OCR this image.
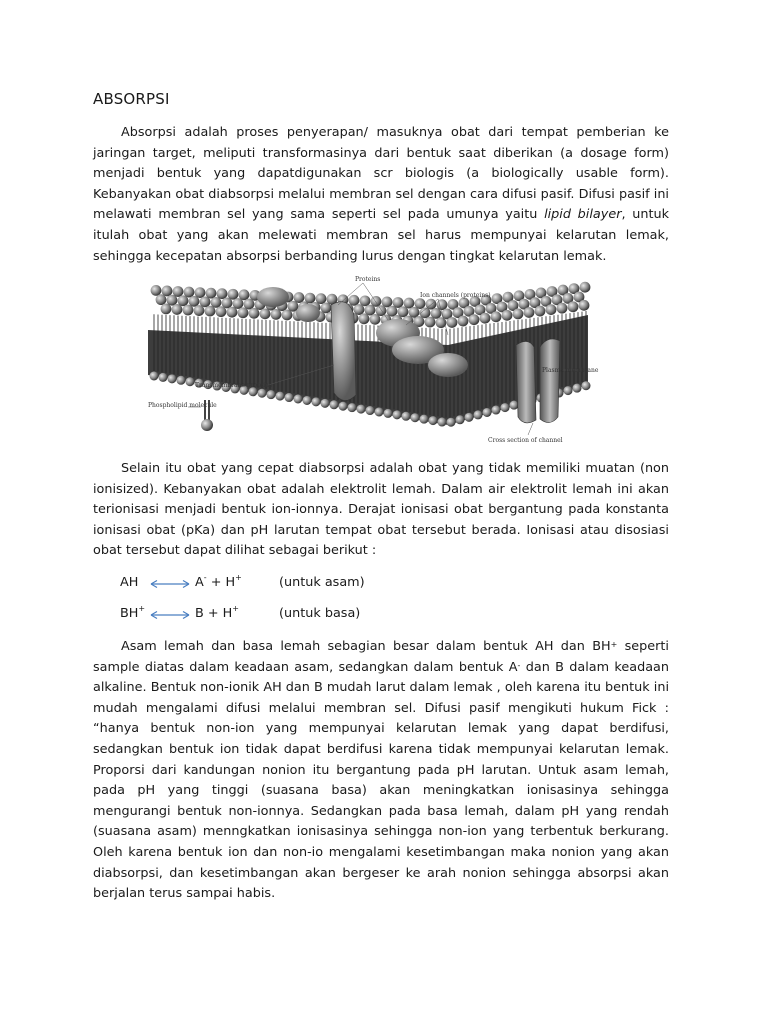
ABSORPSI

Absorpsi adalah proses penyerapan/ masuknya obat dari tempat pemberian ke jaringan target, meliputi transformasinya dari bentuk saat diberikan (a dosage form) menjadi bentuk yang dapatdigunakan scr biologis (a biologically usable form). Kebanyakan obat diabsorpsi melalui membran sel dengan cara difusi pasif. Difusi pasif ini melawati membran sel yang sama seperti sel pada umunya yaitu lipid bilayer, untuk itulah obat yang akan melewati membran sel harus mempunyai kelarutan lemak, sehingga kecepatan absorpsi berbanding lurus dengan tingkat kelarutan lemak.

Proteins
Ion channels (proteins)
Transmembrane proteins
Plasma membrane
Phospholipid molecule
Cross section of channel

Selain itu obat yang cepat diabsorpsi adalah obat yang tidak memiliki muatan (non ionisized). Kebanyakan obat adalah elektrolit lemah. Dalam air elektrolit lemah ini akan terionisasi menjadi bentuk ion-ionnya. Derajat ionisasi obat bergantung pada konstanta ionisasi obat (pKa) dan pH larutan tempat obat tersebut berada. Ionisasi atau disosiasi obat tersebut dapat dilihat sebagai berikut :

AH	A- + H+	(untuk asam)
BH+	B + H+	(untuk basa)

Asam lemah dan basa lemah sebagian besar dalam bentuk AH dan BH+ seperti sample diatas dalam keadaan asam, sedangkan dalam bentuk A- dan B dalam keadaan alkaline. Bentuk non-ionik AH dan B mudah larut dalam lemak , oleh karena itu bentuk ini mudah mengalami difusi melalui membran sel. Difusi pasif mengikuti hukum Fick : “hanya bentuk non-ion yang mempunyai kelarutan lemak yang dapat berdifusi, sedangkan bentuk ion tidak dapat berdifusi karena tidak mempunyai kelarutan lemak. Proporsi dari kandungan nonion itu bergantung pada pH larutan. Untuk asam lemah, pada pH yang tinggi (suasana basa) akan meningkatkan ionisasinya sehingga mengurangi bentuk non-ionnya. Sedangkan pada basa lemah, dalam pH yang rendah (suasana asam) menngkatkan ionisasinya sehingga non-ion yang terbentuk berkurang. Oleh karena bentuk ion dan non-io mengalami kesetimbangan maka nonion yang akan diabsorpsi, dan kesetimbangan akan bergeser ke arah nonion sehingga absorpsi akan berjalan terus sampai habis.
